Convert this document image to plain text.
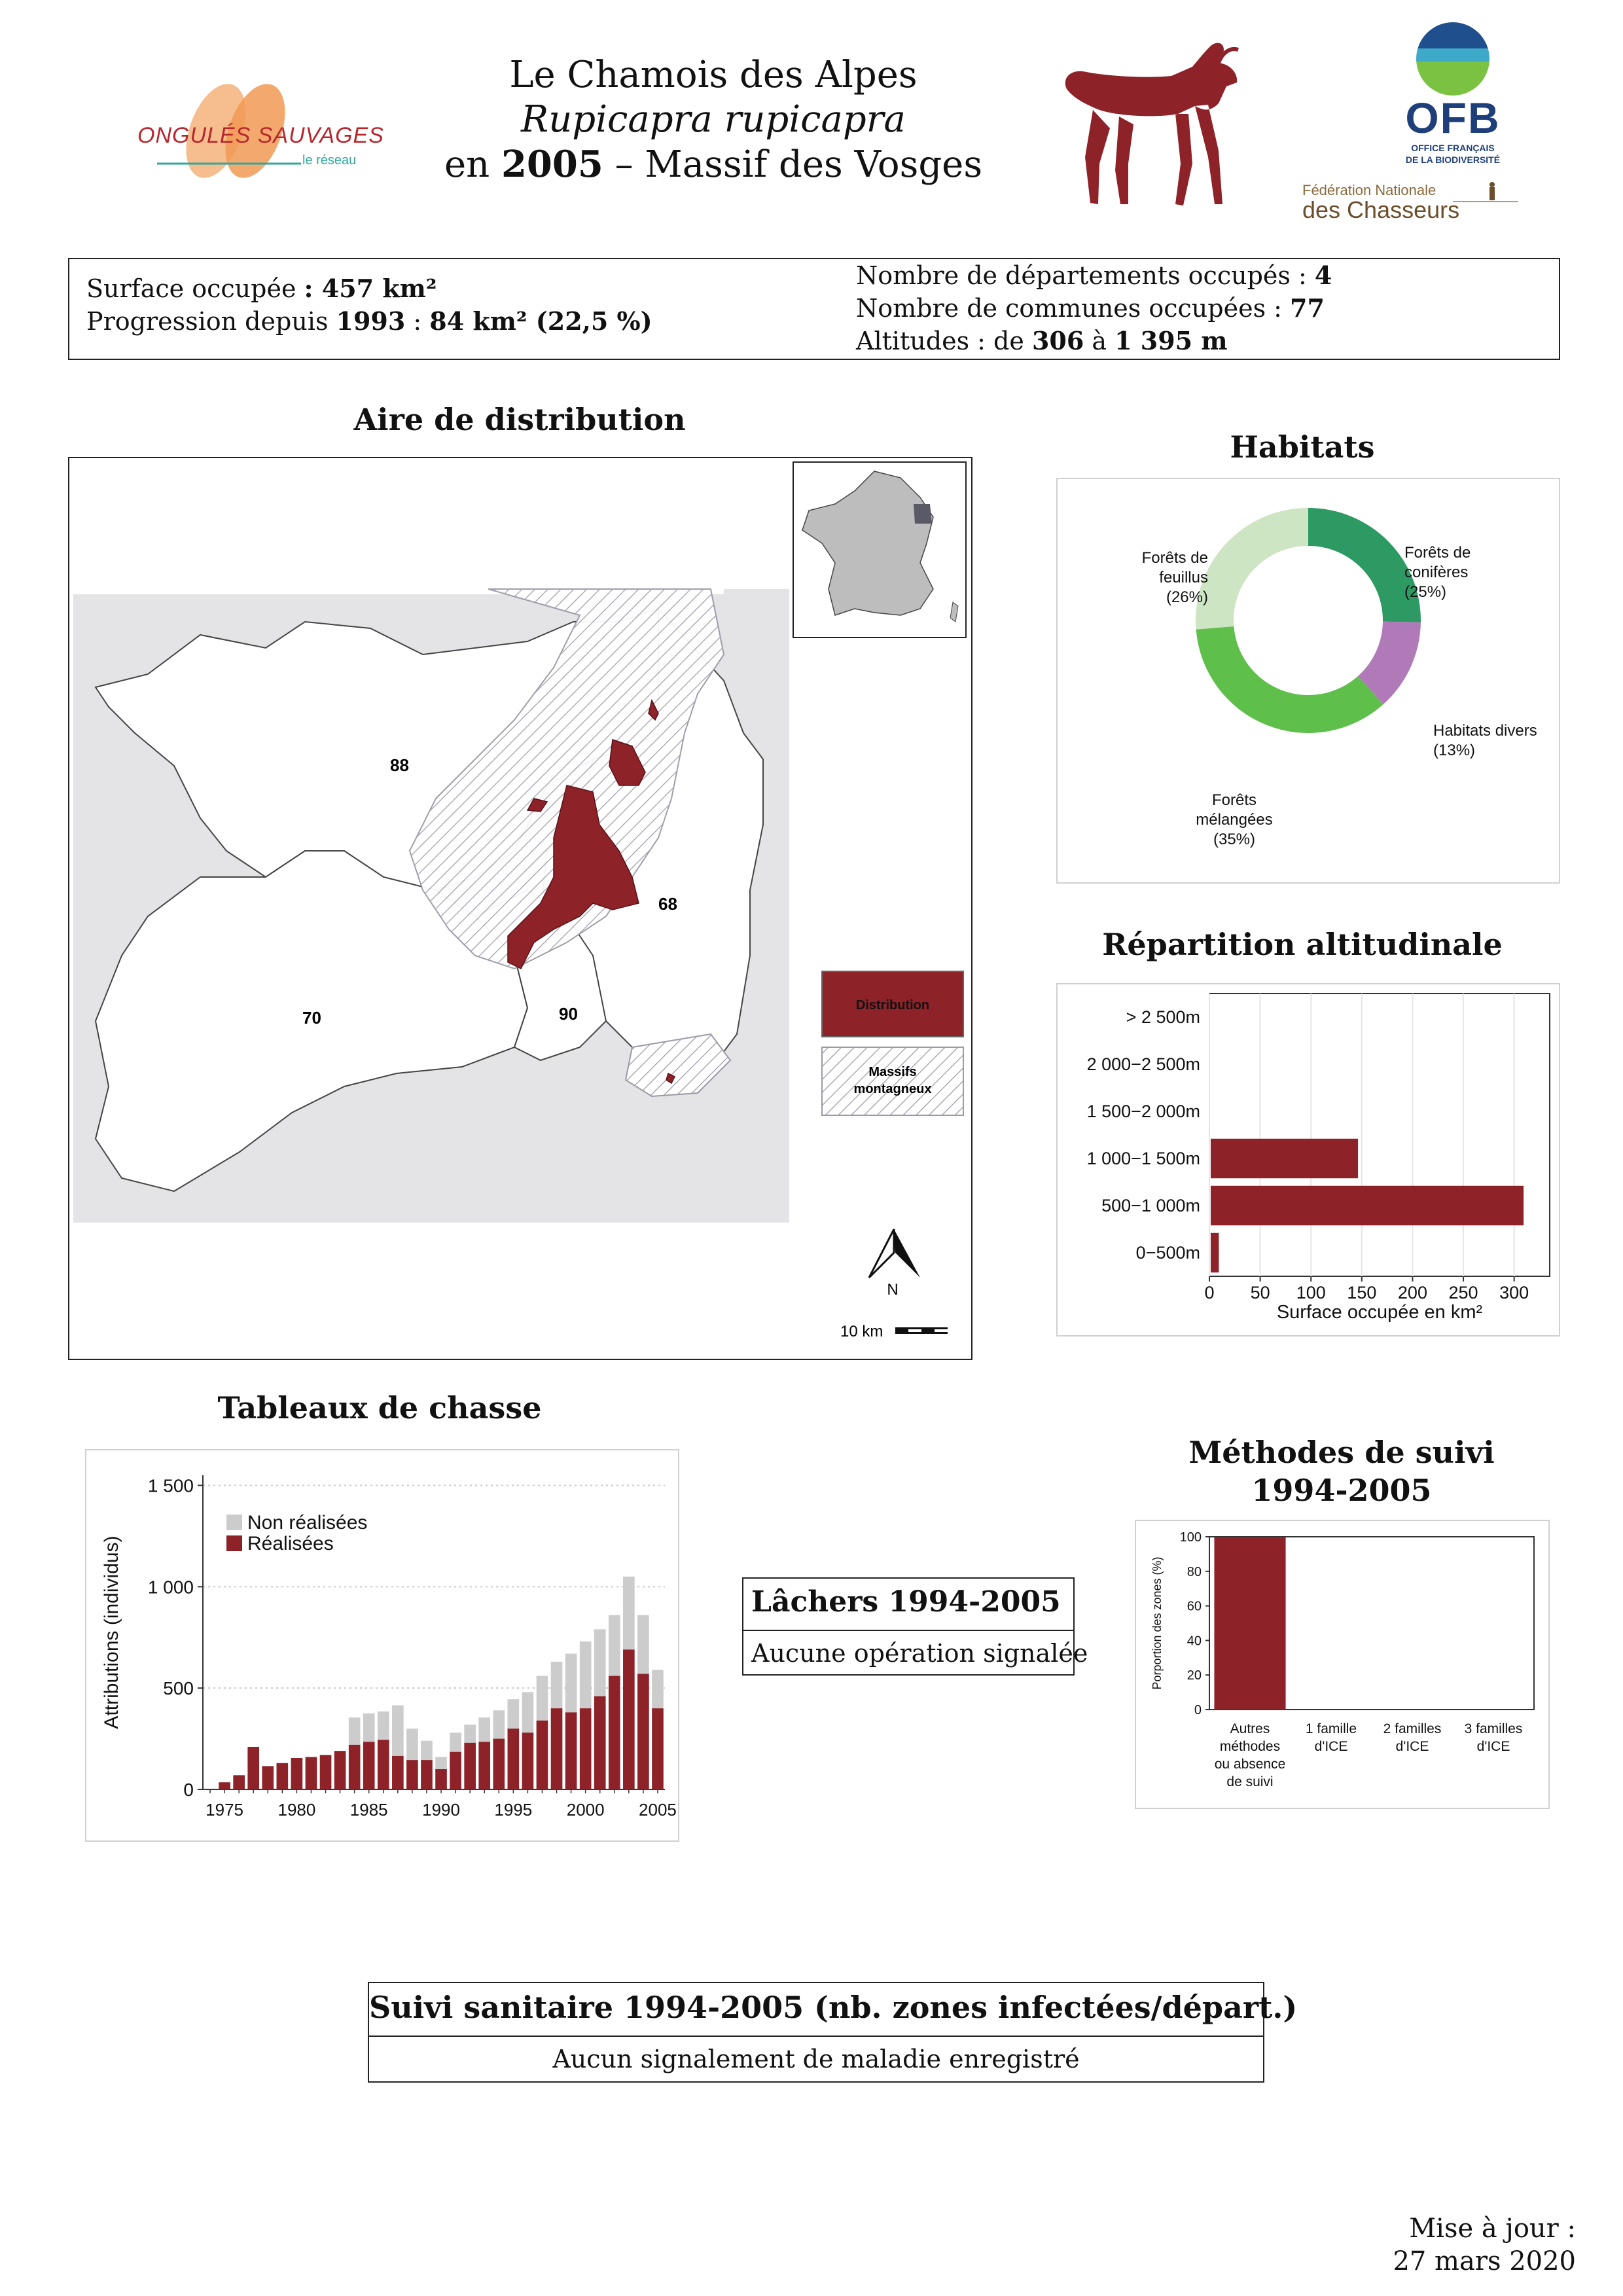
ONGULÉS SAUVAGES
le réseau
Le Chamois des Alpes
Rupicapra rupicapra
en 2005 – Massif des Vosges
OFB
OFFICE FRANÇAIS
DE LA BIODIVERSITÉ
Fédération Nationale
des Chasseurs
Surface occupée : 457 km²
Progression depuis 1993 : 84 km² (22,5 %)
Nombre de départements occupés : 4
Nombre de communes occupées : 77
Altitudes : de 306 à 1 395 m
Aire de distribution
88
68
70	90	Distribution
Massifs
montagneux
N
10 km
Habitats
Forêts de
conifères
(25%)
Habitats divers
(13%)
Forêts
mélangées
(35%)
Forêts de
feuillus
(26%)
Répartition altitudinale
0 50 100 150 200 250 300
> 2 500m
2 000−2 500m
1 500−2 000m
1 000−1 500m
500−1 000m
0−500m
Surface occupée en km²
Tableaux de chasse
0
500
1 000
1 500
1975 1980 1985 1990 1995 2000 2005
Attributions (individus)
Non réalisées
Réalisées
Lâchers 1994-2005
Aucune opération signalée
Méthodes de suivi
1994-2005
0
20
40
60
80
100
Autres
méthodes
ou absence
de suivi
1 famille
d'ICE
2 familles
d'ICE
3 familles
d'ICE
Porportion des zones (%)
Suivi sanitaire 1994-2005 (nb. zones infectées/départ.)
Aucun signalement de maladie enregistré
Mise à jour :
27 mars 2020
